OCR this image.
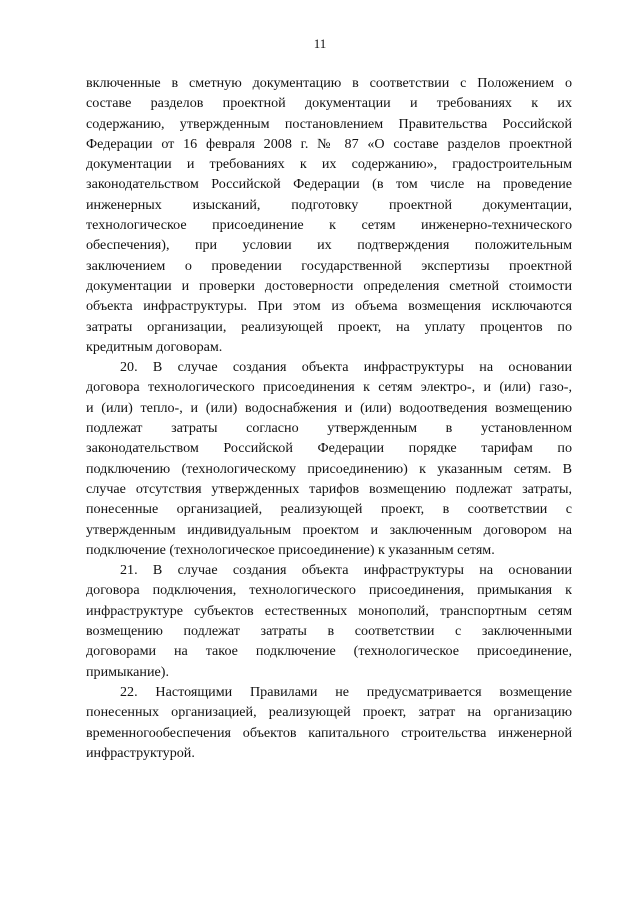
11
включенные в сметную документацию в соответствии с Положением о
составе разделов проектной документации и требованиях к их
содержанию, утвержденным постановлением Правительства Российской
Федерации от 16 февраля 2008 г. № 87 «О составе разделов проектной
документации и требованиях к их содержанию», градостроительным
законодательством Российской Федерации (в том числе на проведение
инженерных изысканий, подготовку проектной документации,
технологическое присоединение к сетям инженерно-технического
обеспечения), при условии их подтверждения положительным
заключением о проведении государственной экспертизы проектной
документации и проверки достоверности определения сметной стоимости
объекта инфраструктуры. При этом из объема возмещения исключаются
затраты организации, реализующей проект, на уплату процентов по
кредитным договорам.
20. В случае создания объекта инфраструктуры на основании
договора технологического присоединения к сетям электро-, и (или) газо-,
и (или) тепло-, и (или) водоснабжения и (или) водоотведения возмещению
подлежат затраты согласно утвержденным в установленном
законодательством Российской Федерации порядке тарифам по
подключению (технологическому присоединению) к указанным сетям. В
случае отсутствия утвержденных тарифов возмещению подлежат затраты,
понесенные организацией, реализующей проект, в соответствии с
утвержденным индивидуальным проектом и заключенным договором на
подключение (технологическое присоединение) к указанным сетям.
21. В случае создания объекта инфраструктуры на основании
договора подключения, технологического присоединения, примыкания к
инфраструктуре субъектов естественных монополий, транспортным сетям
возмещению подлежат затраты в соответствии с заключенными
договорами на такое подключение (технологическое присоединение,
примыкание).
22. Настоящими Правилами не предусматривается возмещение
понесенных организацией, реализующей проект, затрат на организацию
временногообеспечения объектов капитального строительства инженерной
инфраструктурой.
